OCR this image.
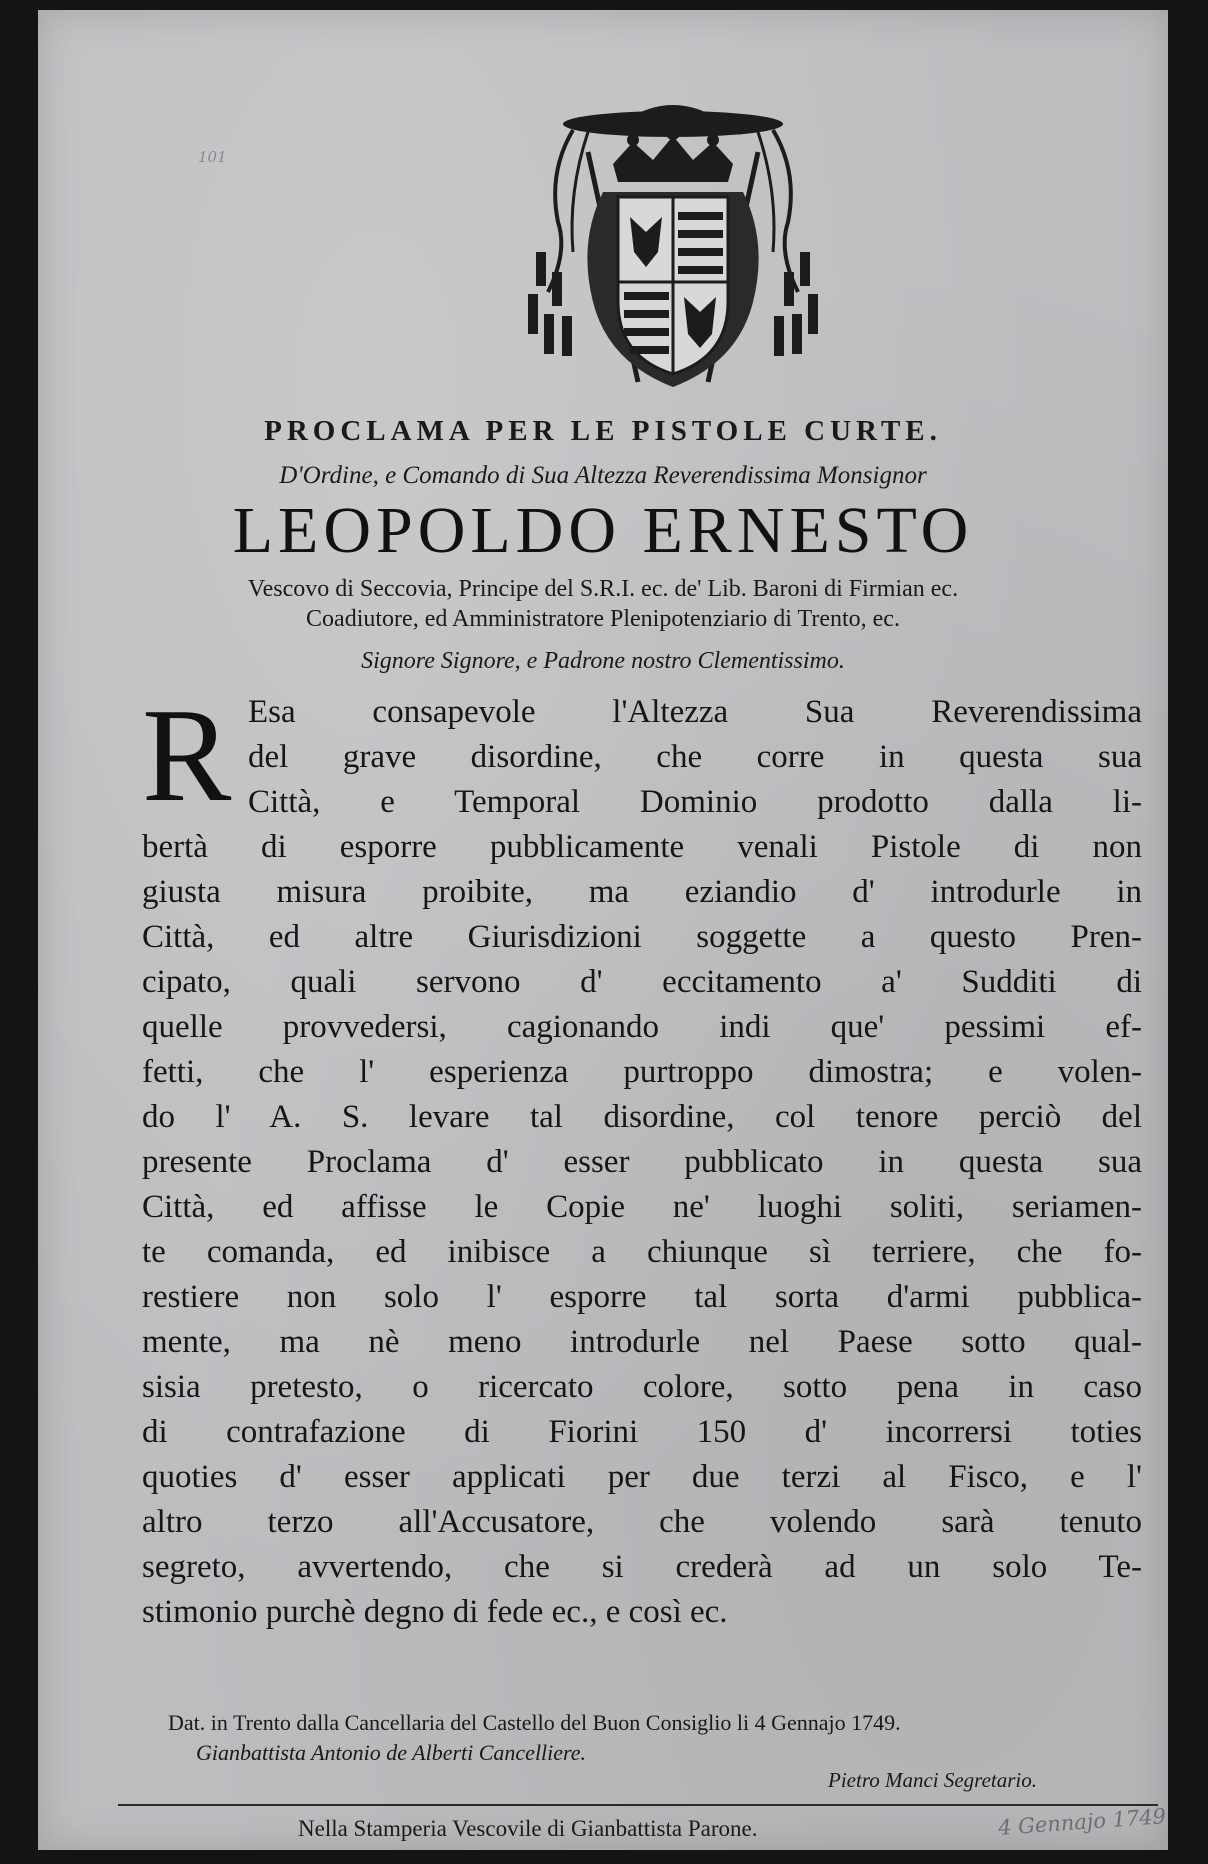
101
PROCLAMA PER LE PISTOLE CURTE.
D'Ordine, e Comando di Sua Altezza Reverendissima Monsignor
LEOPOLDO ERNESTO
Vescovo di Seccovia, Principe del S.R.I. ec. de' Lib. Baroni di Firmian ec.
Coadiutore, ed Amministratore Plenipotenziario di Trento, ec.
Signore Signore, e Padrone nostro Clementissimo.
R Esa consapevole l'Altezza Sua Reverendissima
del grave disordine, che corre in questa sua
Città, e Temporal Dominio prodotto dalla li-
bertà di esporre pubblicamente venali Pistole di non
giusta misura proibite, ma eziandio d' introdurle in
Città, ed altre Giurisdizioni soggette a questo Pren-
cipato, quali servono d' eccitamento a' Sudditi di
quelle provvedersi, cagionando indi que' pessimi ef-
fetti, che l' esperienza purtroppo dimostra; e volen-
do l' A. S. levare tal disordine, col tenore perciò del
presente Proclama d' esser pubblicato in questa sua
Città, ed affisse le Copie ne' luoghi soliti, seriamen-
te comanda, ed inibisce a chiunque sì terriere, che fo-
restiere non solo l' esporre tal sorta d'armi pubblica-
mente, ma nè meno introdurle nel Paese sotto qual-
sisia pretesto, o ricercato colore, sotto pena in caso
di contrafazione di Fiorini 150 d' incorrersi toties
quoties d' esser applicati per due terzi al Fisco, e l'
altro terzo all'Accusatore, che volendo sarà tenuto
segreto, avvertendo, che si crederà ad un solo Te-
stimonio purchè degno di fede ec., e così ec.
Dat. in Trento dalla Cancellaria del Castello del Buon Consiglio li 4 Gennajo 1749.
Gianbattista Antonio de Alberti Cancelliere.
Pietro Manci Segretario.
Nella Stamperia Vescovile di Gianbattista Parone.	4 Gennajo 1749
